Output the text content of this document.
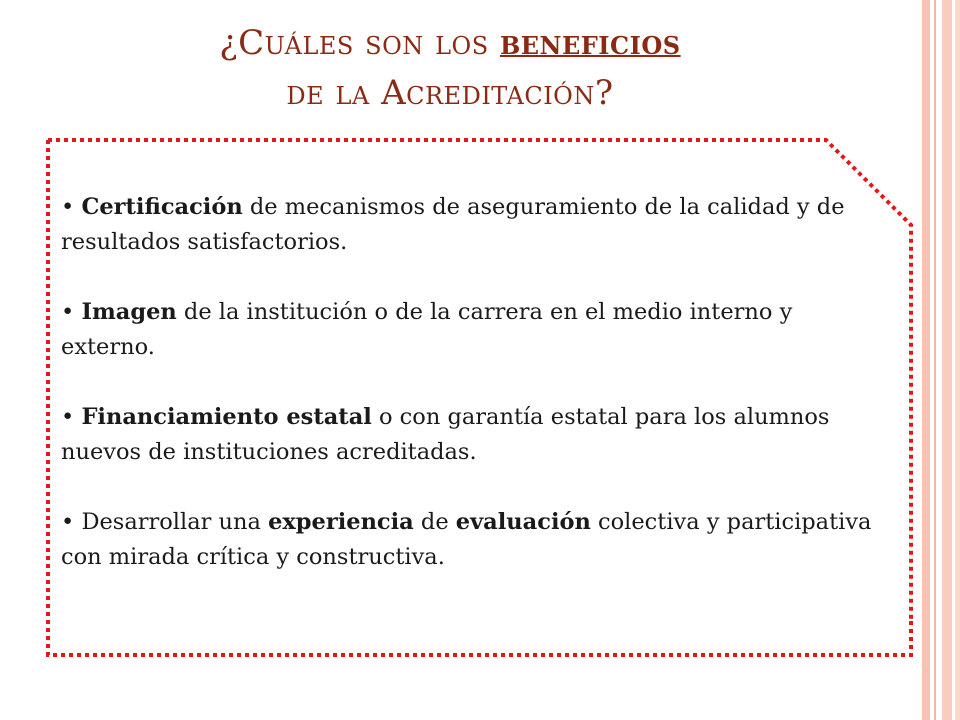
¿Cuáles son los beneficios
de la Acreditación?
• Certificación de mecanismos de aseguramiento de la calidad y de resultados satisfactorios.
• Imagen de la institución o de la carrera en el medio interno y externo.
• Financiamiento estatal o con garantía estatal para los alumnos nuevos de instituciones acreditadas.
• Desarrollar una experiencia de evaluación colectiva y participativa con mirada crítica y constructiva.
